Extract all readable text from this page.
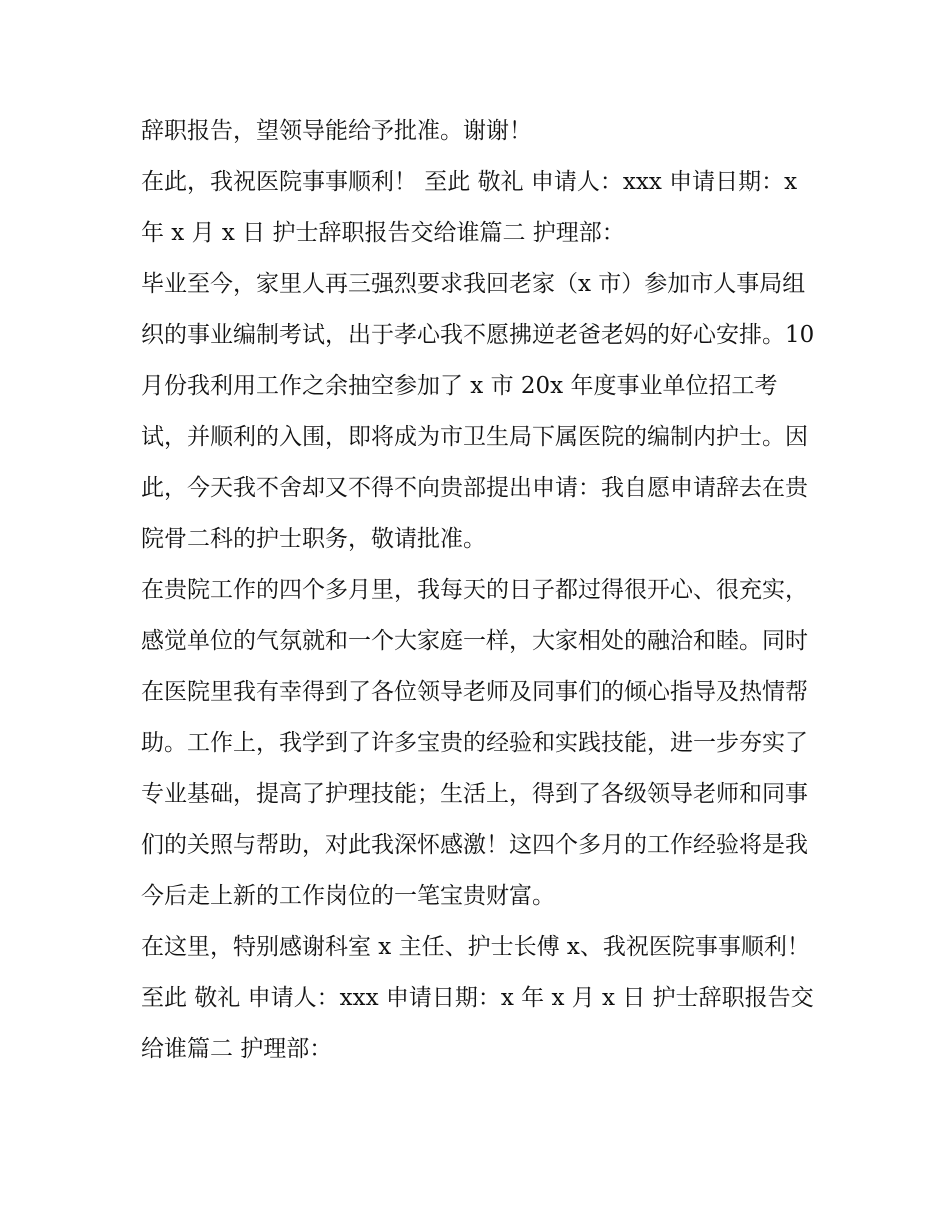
辞职报告，望领导能给予批准。谢谢！

在此，我祝医院事事顺利！ 至此 敬礼 申请人：xxx 申请日期：x 年 x 月 x 日 护士辞职报告交给谁篇二 护理部：

毕业至今，家里人再三强烈要求我回老家（x 市）参加市人事局组织的事业编制考试，出于孝心我不愿拂逆老爸老妈的好心安排。10 月份我利用工作之余抽空参加了 x 市 20x 年度事业单位招工考试，并顺利的入围，即将成为市卫生局下属医院的编制内护士。因此，今天我不舍却又不得不向贵部提出申请：我自愿申请辞去在贵院骨二科的护士职务，敬请批准。

在贵院工作的四个多月里，我每天的日子都过得很开心、很充实，感觉单位的气氛就和一个大家庭一样，大家相处的融洽和睦。同时在医院里我有幸得到了各位领导老师及同事们的倾心指导及热情帮助。工作上，我学到了许多宝贵的经验和实践技能，进一步夯实了专业基础，提高了护理技能；生活上，得到了各级领导老师和同事们的关照与帮助，对此我深怀感激！这四个多月的工作经验将是我今后走上新的工作岗位的一笔宝贵财富。

在这里，特别感谢科室 x 主任、护士长傅 x、我祝医院事事顺利！ 至此 敬礼 申请人：xxx 申请日期：x 年 x 月 x 日 护士辞职报告交给谁篇二 护理部：
